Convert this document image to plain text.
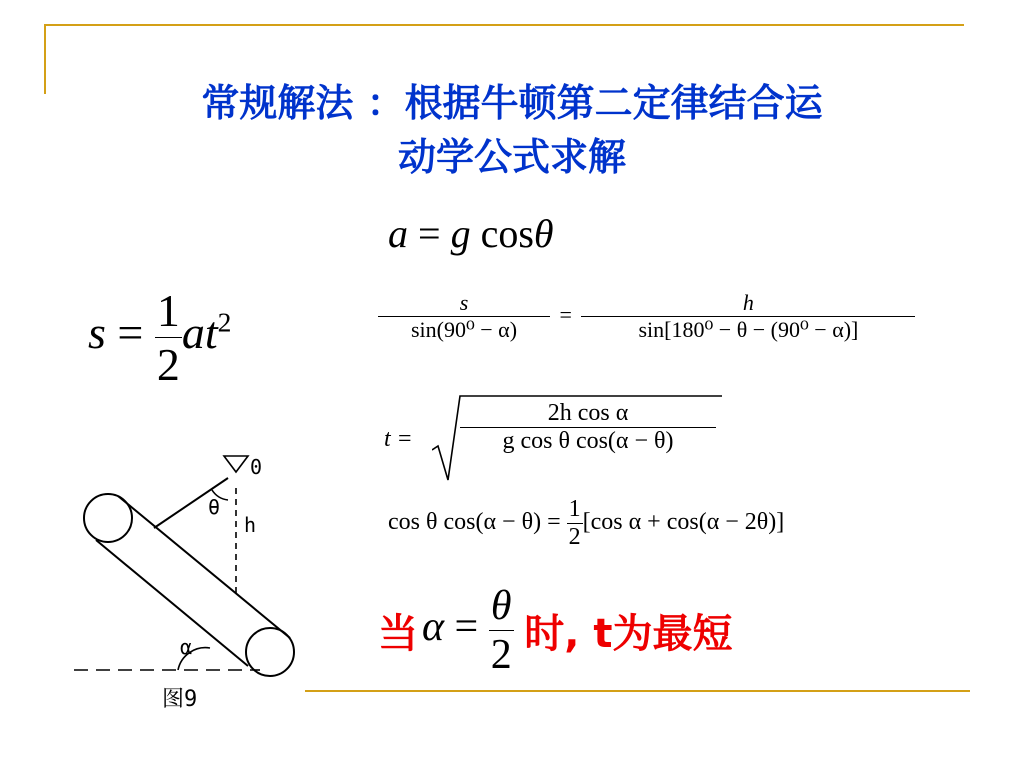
常规解法 ：根据牛顿第二定律结合运
动学公式求解
a = g cosθ
$s = \frac{1}{2} at^2$	$\frac{s}{\text{sin(90⁰ − α)}} = \frac{h}{\text{sin[180⁰ − θ − (90⁰ − α)]}}$
$t = \frac{\text{2h cos α}}{\text{g cos θ cos(α − θ)}}$
cos θ $\cos(\alpha - \theta) = \frac{1}{2} [\cos$ α + cos(α − 2θ)]
当 $\alpha = \frac{\theta}{2}$ 时, t为最短
0
θ
h
α
图9
